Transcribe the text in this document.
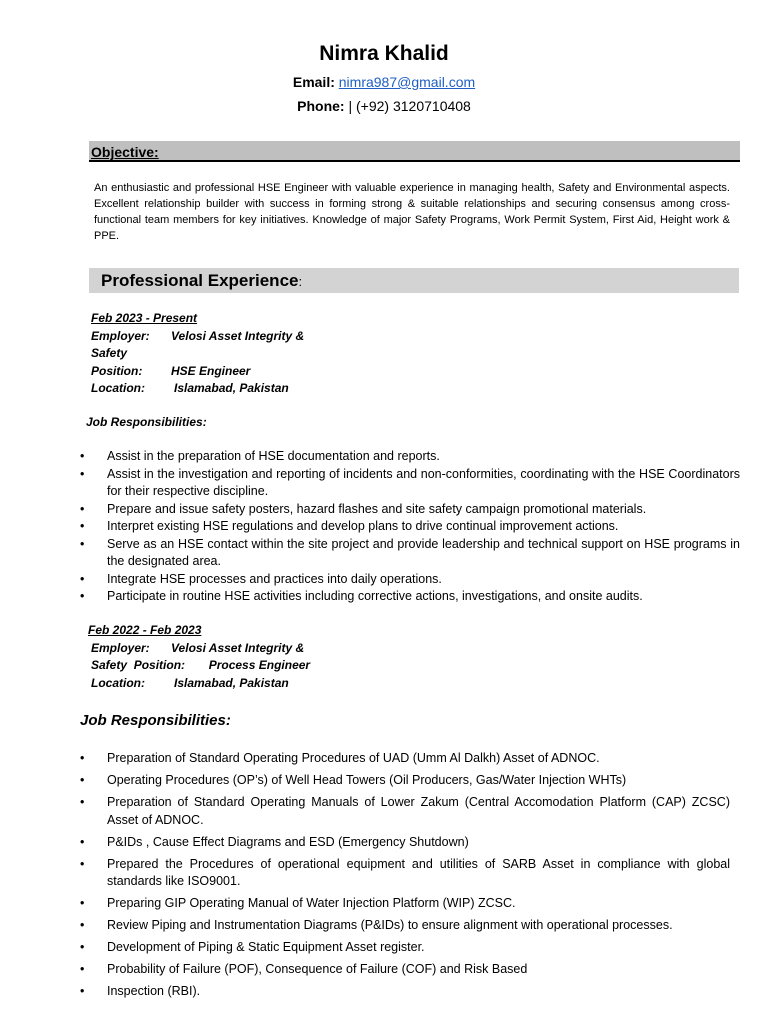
Nimra Khalid
Email: nimra987@gmail.com
Phone: | (+92) 3120710408
Objective:
An enthusiastic and professional HSE Engineer with valuable experience in managing health, Safety and Environmental aspects. Excellent relationship builder with success in forming strong & suitable relationships and securing consensus among cross-functional team members for key initiatives. Knowledge of major Safety Programs, Work Permit System, First Aid, Height work & PPE.
Professional Experience:
Feb 2023 - Present
Employer: Velosi Asset Integrity & Safety
Position: HSE Engineer
Location: Islamabad, Pakistan
Job Responsibilities:
• Assist in the preparation of HSE documentation and reports.
• Assist in the investigation and reporting of incidents and non-conformities, coordinating with the HSE Coordinators for their respective discipline.
• Prepare and issue safety posters, hazard flashes and site safety campaign promotional materials.
• Interpret existing HSE regulations and develop plans to drive continual improvement actions.
• Serve as an HSE contact within the site project and provide leadership and technical support on HSE programs in the designated area.
• Integrate HSE processes and practices into daily operations.
• Participate in routine HSE activities including corrective actions, investigations, and onsite audits.
Feb 2022 - Feb 2023
Employer: Velosi Asset Integrity &
Safety Position: Process Engineer
Location: Islamabad, Pakistan
Job Responsibilities:
• Preparation of Standard Operating Procedures of UAD (Umm Al Dalkh) Asset of ADNOC.
• Operating Procedures (OP’s) of Well Head Towers (Oil Producers, Gas/Water Injection WHTs)
• Preparation of Standard Operating Manuals of Lower Zakum (Central Accomodation Platform (CAP) ZCSC) Asset of ADNOC.
• P&IDs , Cause Effect Diagrams and ESD (Emergency Shutdown)
• Prepared the Procedures of operational equipment and utilities of SARB Asset in compliance with global standards like ISO9001.
• Preparing GIP Operating Manual of Water Injection Platform (WIP) ZCSC.
• Review Piping and Instrumentation Diagrams (P&IDs) to ensure alignment with operational processes.
• Development of Piping & Static Equipment Asset register.
• Probability of Failure (POF), Consequence of Failure (COF) and Risk Based
• Inspection (RBI).
